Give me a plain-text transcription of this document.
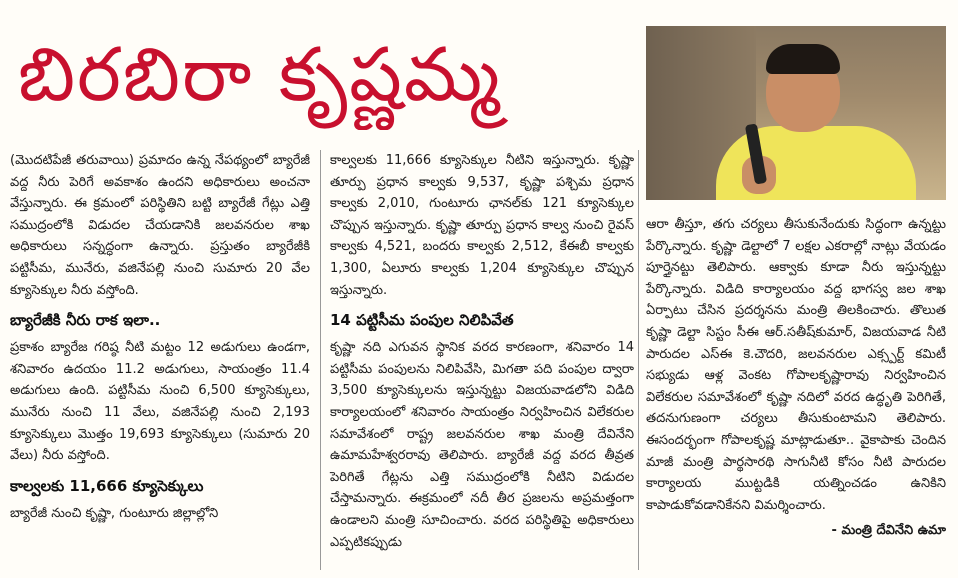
బిరబిరా కృష్ణమ్మ

(మొదటిపేజీ తరువాయి) ప్రమాదం ఉన్న నేపథ్యంలో బ్యారేజీ వద్ద నీరు పెరిగే అవకాశం ఉందని అధికారులు అంచనా వేస్తున్నారు. ఈ క్రమంలో పరిస్థితిని బట్టి బ్యారేజీ గేట్లు ఎత్తి సముద్రంలోకి విడుదల చేయడానికి జలవనరుల శాఖ అధికారులు సన్నద్ధంగా ఉన్నారు. ప్రస్తుతం బ్యారేజీకి పట్టిసీమ, మునేరు, వజినేపల్లి నుంచి సుమారు 20 వేల క్యూసెక్కుల నీరు వస్తోంది.

బ్యారేజీకి నీరు రాక ఇలా..

ప్రకాశం బ్యారేజ గరిష్ఠ నీటి మట్టం 12 అడుగులు ఉండగా, శనివారం ఉదయం 11.2 అడుగులు, సాయంత్రం 11.4 అడుగులు ఉంది. పట్టిసీమ నుంచి 6,500 క్యూసెక్కులు, మునేరు నుంచి 11 వేలు, వజినేపల్లి నుంచి 2,193 క్యూసెక్కులు మొత్తం 19,693 క్యూసెక్కులు (సుమారు 20 వేలు) నీరు వస్తోంది.

కాల్వలకు 11,666 క్యూసెక్కులు

బ్యారేజీ నుంచి కృష్ణా, గుంటూరు జిల్లాల్లోని

కాల్వలకు 11,666 క్యూసెక్కుల నీటిని ఇస్తున్నారు. కృష్ణా తూర్పు ప్రధాన కాల్వకు 9,537, కృష్ణా పశ్చిమ ప్రధాన కాల్వకు 2,010, గుంటూరు ఛానల్‌కు 121 క్యూసెక్కుల చొప్పున ఇస్తున్నారు. కృష్ణా తూర్పు ప్రధాన కాల్వ నుంచి రైవస్ కాల్వకు 4,521, బందరు కాల్వకు 2,512, కేఈబీ కాల్వకు 1,300, ఏలూరు కాల్వకు 1,204 క్యూసెక్కుల చొప్పున ఇస్తున్నారు.

14 పట్టిసీమ పంపుల నిలిపివేత

కృష్ణా నది ఎగువన స్థానిక వరద కారణంగా, శనివారం 14 పట్టిసీమ పంపులను నిలిపివేసి, మిగతా పది పంపుల ద్వారా 3,500 క్యూసెక్కులను ఇస్తున్నట్టు విజయవాడలోని విడిది కార్యాలయంలో శనివారం సాయంత్రం నిర్వహించిన విలేకరుల సమావేశంలో రాష్ట్ర జలవనరుల శాఖ మంత్రి దేవినేని ఉమామహేశ్వరరావు తెలిపారు. బ్యారేజీ వద్ద వరద తీవ్రత పెరిగితే గేట్లను ఎత్తి సముద్రంలోకి నీటిని విడుదల చేస్తామన్నారు. ఈక్రమంలో నదీ తీర ప్రజలను అప్రమత్తంగా ఉండాలని మంత్రి సూచించారు. వరద పరిస్థితిపై అధికారులు ఎప్పటికప్పుడు

ఆరా తీస్తూ, తగు చర్యలు తీసుకునేందుకు సిద్ధంగా ఉన్నట్టు పేర్కొన్నారు. కృష్ణా డెల్టాలో 7 లక్షల ఎకరాల్లో నాట్లు వేయడం పూర్తైనట్టు తెలిపారు. ఆక్వాకు కూడా నీరు ఇస్తున్నట్టు పేర్కొన్నారు. విడిది కార్యాలయం వద్ద భాగస్వ జల శాఖ ఏర్పాటు చేసిన ప్రదర్శనను మంత్రి తిలకించారు. తొలుత కృష్ణా డెల్టా సిస్టం సీఈ ఆర్.సతీష్‌కుమార్, విజయవాడ నీటి పారుదల ఎస్ఈ కె.చౌదరి, జలవనరుల ఎక్స్పర్ట్ కమిటీ సభ్యుడు ఆళ్ల వెంకట గోపాలకృష్ణారావు నిర్వహించిన విలేకరుల సమావేశంలో కృష్ణా నదిలో వరద ఉద్ధృతి పెరిగితే, తదనుగుణంగా చర్యలు తీసుకుంటామని తెలిపారు. ఈసందర్భంగా గోపాలకృష్ణ మాట్లాడుతూ.. వైకాపాకు చెందిన మాజీ మంత్రి పార్థసారథి సాగునీటి కోసం నీటి పారుదల కార్యాలయ ముట్టడికి యత్నించడం ఉనికిని కాపాడుకోవడానికేనని విమర్శించారు.

- మంత్రి దేవినేని ఉమా
